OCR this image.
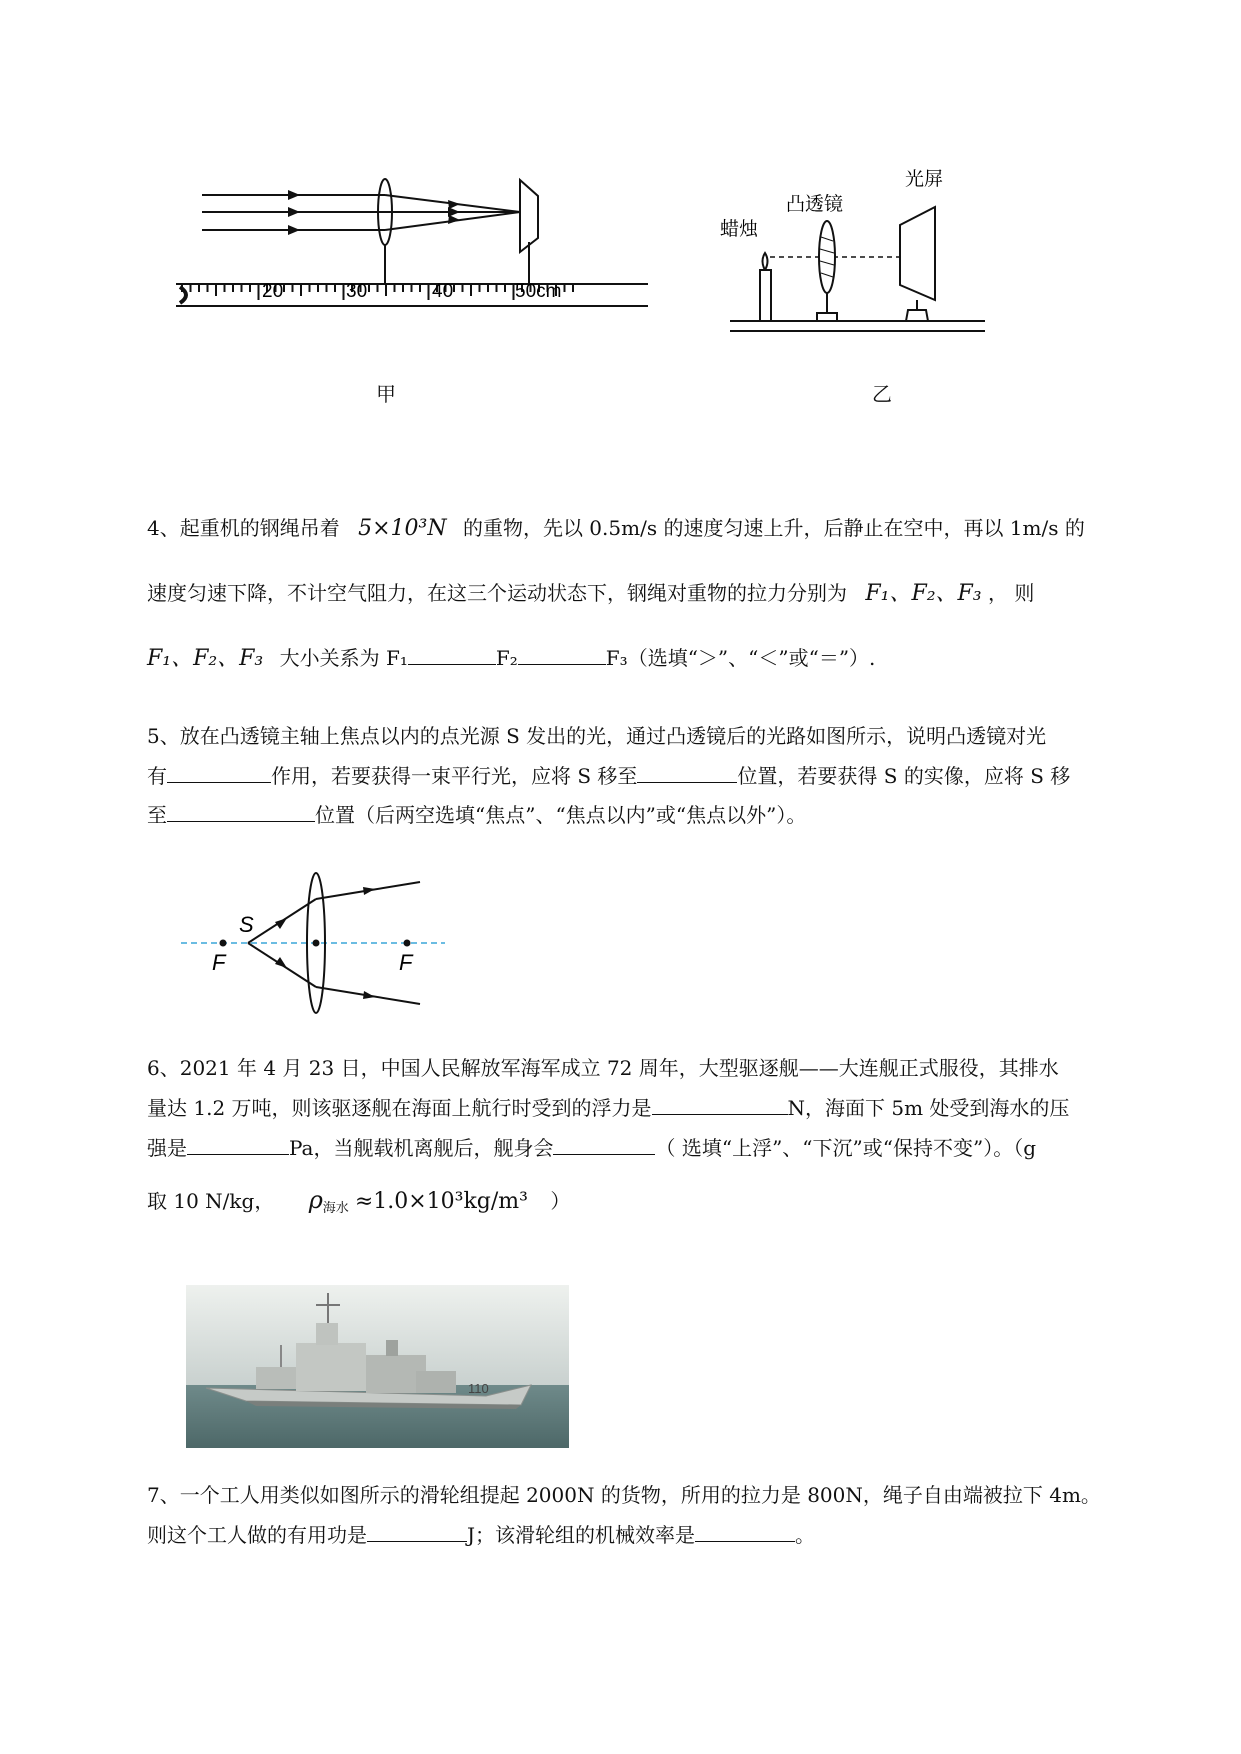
20	30	40	50cm
甲
光屏
凸透镜
蜡烛
乙
4、起重机的钢绳吊着 5×10³N 的重物，先以 0.5m/s 的速度匀速上升，后静止在空中，再以 1m/s 的
速度匀速下降，不计空气阻力，在这三个运动状态下，钢绳对重物的拉力分别为 F₁、F₂、F₃ ， 则
F₁、F₂、F₃ 大小关系为 F₁	F₂	F₃（选填“＞”、“＜”或“＝”）.
5、放在凸透镜主轴上焦点以内的点光源 S 发出的光，通过凸透镜后的光路如图所示，说明凸透镜对光
有	作用，若要获得一束平行光，应将 S 移至	位置，若要获得 S 的实像，应将 S 移
至	位置（后两空选填“焦点”、“焦点以内”或“焦点以外”）。
S
F	F
6、2021 年 4 月 23 日，中国人民解放军海军成立 72 周年，大型驱逐舰——大连舰正式服役，其排水
量达 1.2 万吨，则该驱逐舰在海面上航行时受到的浮力是	N，海面下 5m 处受到海水的压
强是	Pa，当舰载机离舰后，舰身会	（ 选填“上浮”、“下沉”或“保持不变”）。（g
取 10 N/kg， $\rho_{海水} \approx 1.0\times 10^3kg/m^3$ ）
110
7、一个工人用类似如图所示的滑轮组提起 2000N 的货物，所用的拉力是 800N，绳子自由端被拉下 4m。
则这个工人做的有用功是	J；该滑轮组的机械效率是	。
